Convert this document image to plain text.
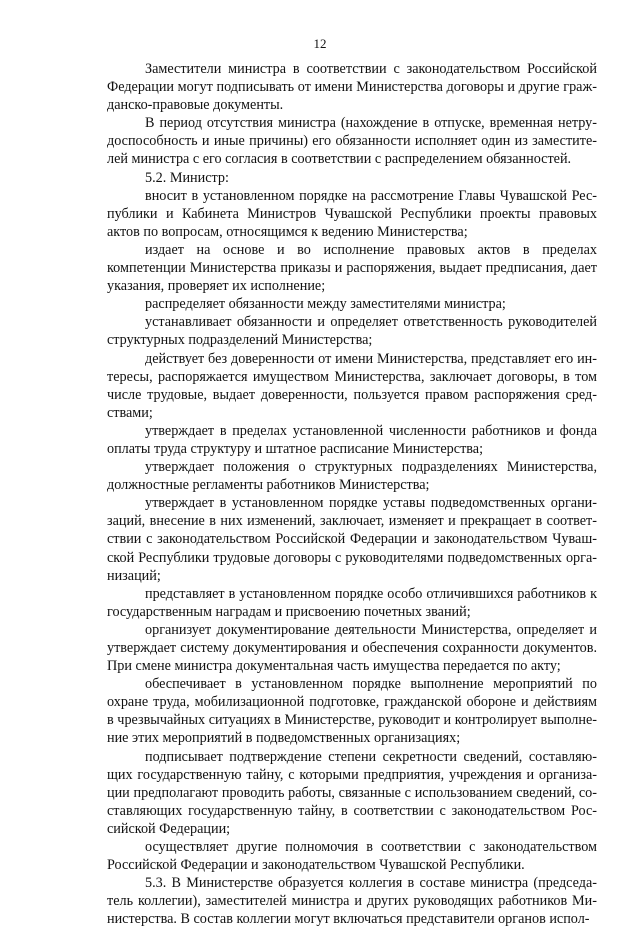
12

Заместители министра в соответствии с законодательством Российской Федерации могут подписывать от имени Министерства договоры и другие гражданско-правовые документы.

В период отсутствия министра (нахождение в отпуске, временная нетрудоспособность и иные причины) его обязанности исполняет один из заместителей министра с его согласия в соответствии с распределением обязанностей.

5.2. Министр:

вносит в установленном порядке на рассмотрение Главы Чувашской Республики и Кабинета Министров Чувашской Республики проекты правовых актов по вопросам, относящимся к ведению Министерства;

издает на основе и во исполнение правовых актов в пределах компетенции Министерства приказы и распоряжения, выдает предписания, дает указания, проверяет их исполнение;

распределяет обязанности между заместителями министра;

устанавливает обязанности и определяет ответственность руководителей структурных подразделений Министерства;

действует без доверенности от имени Министерства, представляет его интересы, распоряжается имуществом Министерства, заключает договоры, в том числе трудовые, выдает доверенности, пользуется правом распоряжения средствами;

утверждает в пределах установленной численности работников и фонда оплаты труда структуру и штатное расписание Министерства;

утверждает положения о структурных подразделениях Министерства, должностные регламенты работников Министерства;

утверждает в установленном порядке уставы подведомственных организаций, внесение в них изменений, заключает, изменяет и прекращает в соответствии с законодательством Российской Федерации и законодательством Чувашской Республики трудовые договоры с руководителями подведомственных организаций;

представляет в установленном порядке особо отличившихся работников к государственным наградам и присвоению почетных званий;

организует документирование деятельности Министерства, определяет и утверждает систему документирования и обеспечения сохранности документов. При смене министра документальная часть имущества передается по акту;

обеспечивает в установленном порядке выполнение мероприятий по охране труда, мобилизационной подготовке, гражданской обороне и действиям в чрезвычайных ситуациях в Министерстве, руководит и контролирует выполнение этих мероприятий в подведомственных организациях;

подписывает подтверждение степени секретности сведений, составляющих государственную тайну, с которыми предприятия, учреждения и организации предполагают проводить работы, связанные с использованием сведений, составляющих государственную тайну, в соответствии с законодательством Российской Федерации;

осуществляет другие полномочия в соответствии с законодательством Российской Федерации и законодательством Чувашской Республики.

5.3. В Министерстве образуется коллегия в составе министра (председатель коллегии), заместителей министра и других руководящих работников Министерства. В состав коллегии могут включаться представители органов испол-
